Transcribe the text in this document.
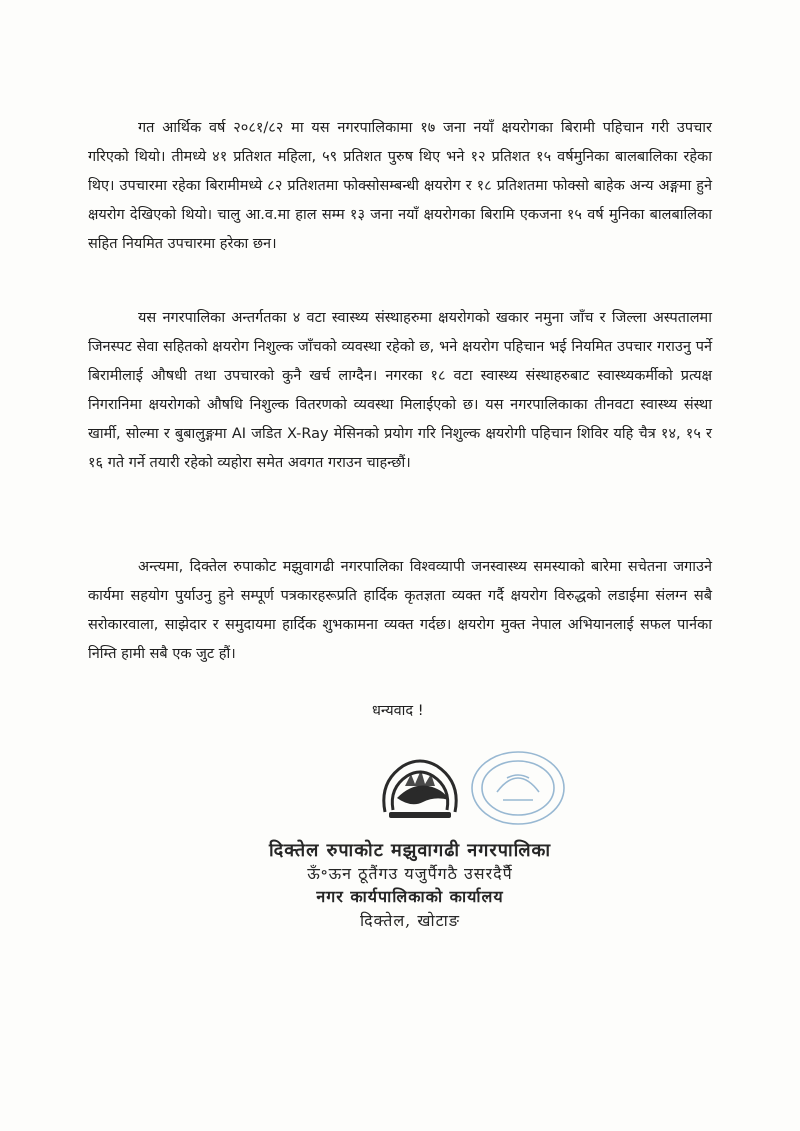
गत आर्थिक वर्ष २०८१/८२ मा यस नगरपालिकामा १७ जना नयाँ क्षयरोगका बिरामी पहिचान गरी उपचार गरिएको थियो। तीमध्ये ४१ प्रतिशत महिला, ५९ प्रतिशत पुरुष थिए भने १२ प्रतिशत १५ वर्षमुनिका बालबालिका रहेका थिए। उपचारमा रहेका बिरामीमध्ये ८२ प्रतिशतमा फोक्सोसम्बन्धी क्षयरोग र १८ प्रतिशतमा फोक्सो बाहेक अन्य अङ्गमा हुने क्षयरोग देखिएको थियो। चालु आ.व.मा हाल सम्म १३ जना नयाँ क्षयरोगका बिरामि एकजना १५ वर्ष मुनिका बालबालिका सहित नियमित उपचारमा हरेका छन।

यस नगरपालिका अन्तर्गतका ४ वटा स्वास्थ्य संस्थाहरुमा क्षयरोगको खकार नमुना जाँच र जिल्ला अस्पतालमा जिनस्पट सेवा सहितको क्षयरोग निशुल्क जाँचको व्यवस्था रहेको छ, भने क्षयरोग पहिचान भई नियमित उपचार गराउनु पर्ने बिरामीलाई औषधी तथा उपचारको कुनै खर्च लाग्दैन। नगरका १८ वटा स्वास्थ्य संस्थाहरुबाट स्वास्थ्यकर्मीको प्रत्यक्ष निगरानिमा क्षयरोगको औषधि निशुल्क वितरणको व्यवस्था मिलाईएको छ। यस नगरपालिकाका तीनवटा स्वास्थ्य संस्था खार्मी, सोल्मा र बुबालुङ्गमा AI जडित X-Ray मेसिनको प्रयोग गरि निशुल्क क्षयरोगी पहिचान शिविर यहि चैत्र १४, १५ र १६ गते गर्ने तयारी रहेको व्यहोरा समेत अवगत गराउन चाहन्छौं।

अन्त्यमा, दिक्तेल रुपाकोट मझुवागढी नगरपालिका विश्वव्यापी जनस्वास्थ्य समस्याको बारेमा सचेतना जगाउने कार्यमा सहयोग पुर्याउनु हुने सम्पूर्ण पत्रकारहरूप्रति हार्दिक कृतज्ञता व्यक्त गर्दै क्षयरोग विरुद्धको लडाईमा संलग्न सबै सरोकारवाला, साझेदार र समुदायमा हार्दिक शुभकामना व्यक्त गर्दछ। क्षयरोग मुक्त नेपाल अभियानलाई सफल पार्नका निम्ति हामी सबै एक जुट हौं।

धन्यवाद !
दिक्तेल रुपाकोट मझुवागढी नगरपालिका
ऊँ॰ऊन ठूतैंगउ यजुर्पैगठै उसरदैर्पैॅ
नगर कार्यपालिकाको कार्यालय
दिक्तेल, खोटाङ
